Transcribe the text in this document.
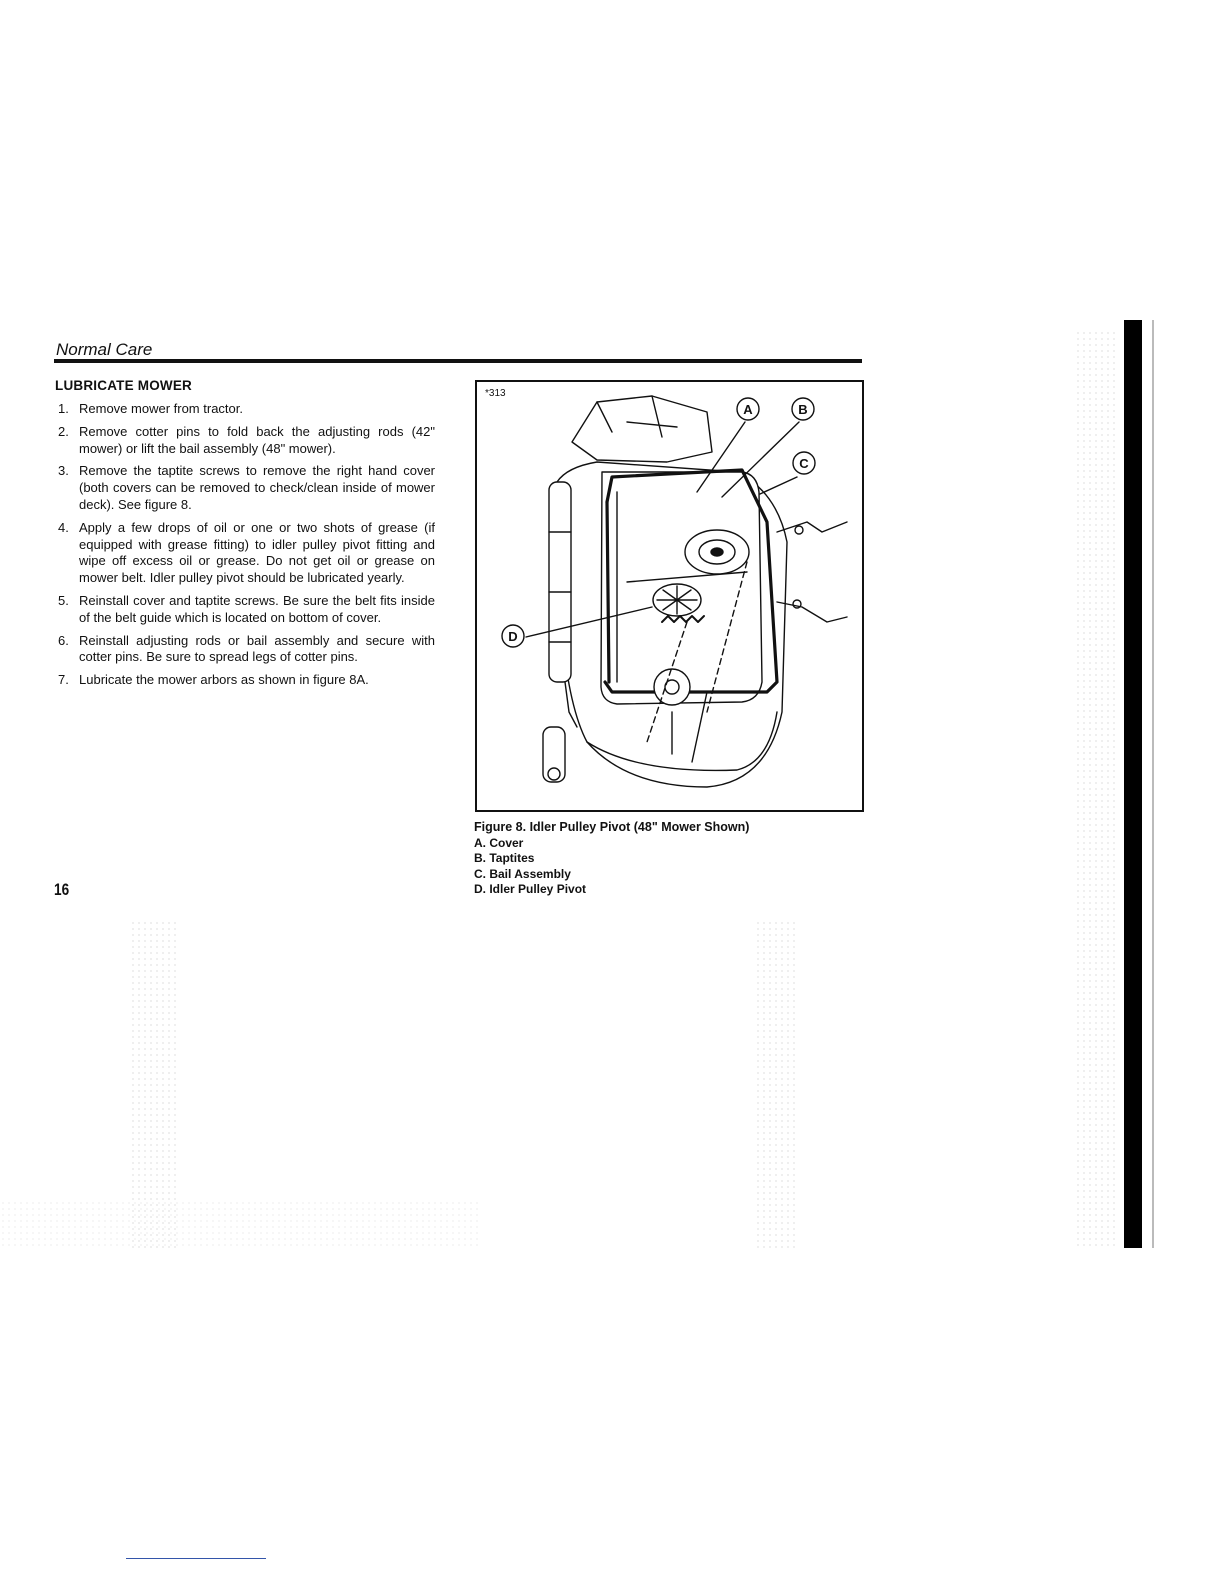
Normal Care
LUBRICATE MOWER
1. Remove mower from tractor.
2. Remove cotter pins to fold back the adjusting rods (42" mower) or lift the bail assembly (48" mower).
3. Remove the taptite screws to remove the right hand cover (both covers can be removed to check/clean inside of mower deck). See figure 8.
4. Apply a few drops of oil or one or two shots of grease (if equipped with grease fitting) to idler pulley pivot fitting and wipe off excess oil or grease. Do not get oil or grease on mower belt. Idler pulley pivot should be lubricated yearly.
5. Reinstall cover and taptite screws. Be sure the belt fits inside of the belt guide which is located on bottom of cover.
6. Reinstall adjusting rods or bail assembly and secure with cotter pins. Be sure to spread legs of cotter pins.
7. Lubricate the mower arbors as shown in figure 8A.
16
*313
A	B
C
D
Figure 8. Idler Pulley Pivot (48" Mower Shown)
A. Cover
B. Taptites
C. Bail Assembly
D. Idler Pulley Pivot
